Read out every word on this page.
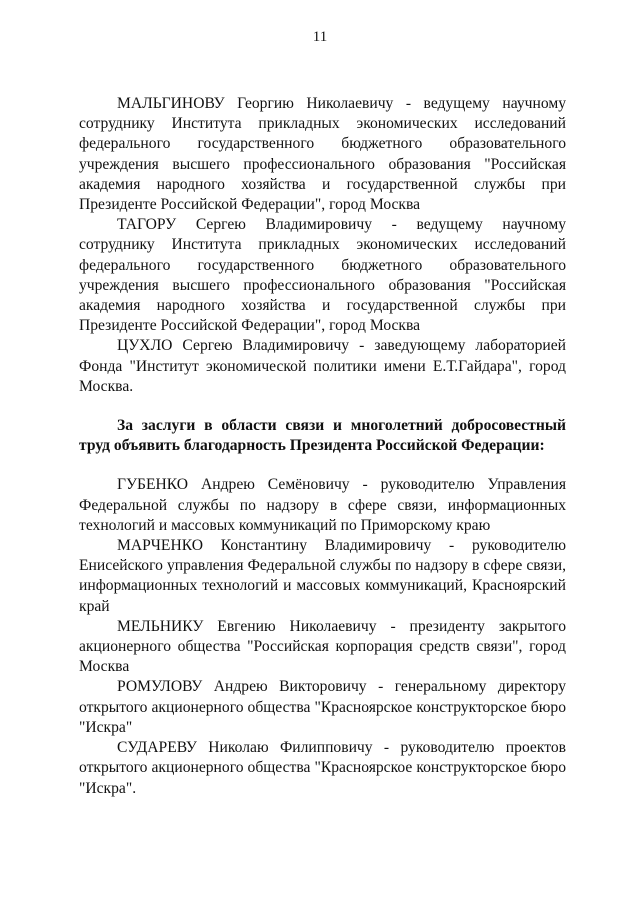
11

МАЛЬГИНОВУ Георгию Николаевичу - ведущему научному сотруднику Института прикладных экономических исследований федерального государственного бюджетного образовательного учреждения высшего профессионального образования "Российская академия народного хозяйства и государственной службы при Президенте Российской Федерации", город Москва

ТАГОРУ Сергею Владимировичу - ведущему научному сотруднику Института прикладных экономических исследований федерального государственного бюджетного образовательного учреждения высшего профессионального образования "Российская академия народного хозяйства и государственной службы при Президенте Российской Федерации", город Москва

ЦУХЛО Сергею Владимировичу - заведующему лабораторией Фонда "Институт экономической политики имени Е.Т.Гайдара", город Москва.

За заслуги в области связи и многолетний добросовестный труд объявить благодарность Президента Российской Федерации:

ГУБЕНКО Андрею Семёновичу - руководителю Управления Федеральной службы по надзору в сфере связи, информационных технологий и массовых коммуникаций по Приморскому краю

МАРЧЕНКО Константину Владимировичу - руководителю Енисейского управления Федеральной службы по надзору в сфере связи, информационных технологий и массовых коммуникаций, Красноярский край

МЕЛЬНИКУ Евгению Николаевичу - президенту закрытого акционерного общества "Российская корпорация средств связи", город Москва

РОМУЛОВУ Андрею Викторовичу - генеральному директору открытого акционерного общества "Красноярское конструкторское бюро "Искра"

СУДАРЕВУ Николаю Филипповичу - руководителю проектов открытого акционерного общества "Красноярское конструкторское бюро "Искра".
